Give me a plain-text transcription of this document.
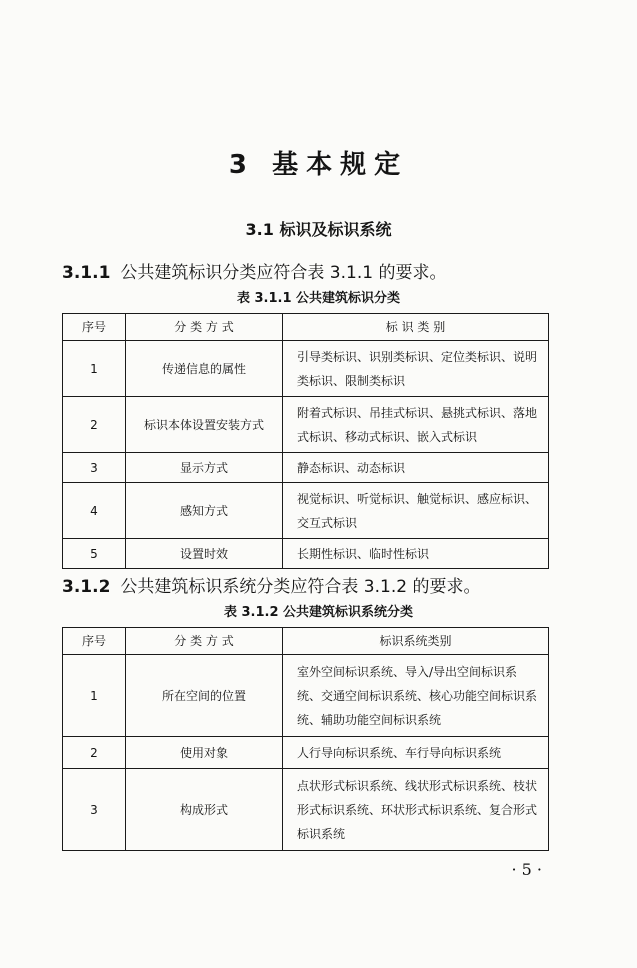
3 基本规定
3.1 标识及标识系统
3.1.1 公共建筑标识分类应符合表 3.1.1 的要求。
表 3.1.1 公共建筑标识分类
序号	分 类 方 式	标 识 类 别
1	传递信息的属性	引导类标识、识别类标识、定位类标识、说明类标识、限制类标识
2	标识本体设置安装方式	附着式标识、吊挂式标识、悬挑式标识、落地式标识、移动式标识、嵌入式标识
3	显示方式	静态标识、动态标识
4	感知方式	视觉标识、听觉标识、触觉标识、感应标识、交互式标识
5	设置时效	长期性标识、临时性标识
3.1.2 公共建筑标识系统分类应符合表 3.1.2 的要求。
表 3.1.2 公共建筑标识系统分类
序号	分 类 方 式	标识系统类别
1	所在空间的位置	室外空间标识系统、导入/导出空间标识系统、交通空间标识系统、核心功能空间标识系统、辅助功能空间标识系统
2	使用对象	人行导向标识系统、车行导向标识系统
3	构成形式	点状形式标识系统、线状形式标识系统、枝状形式标识系统、环状形式标识系统、复合形式标识系统
· 5 ·
